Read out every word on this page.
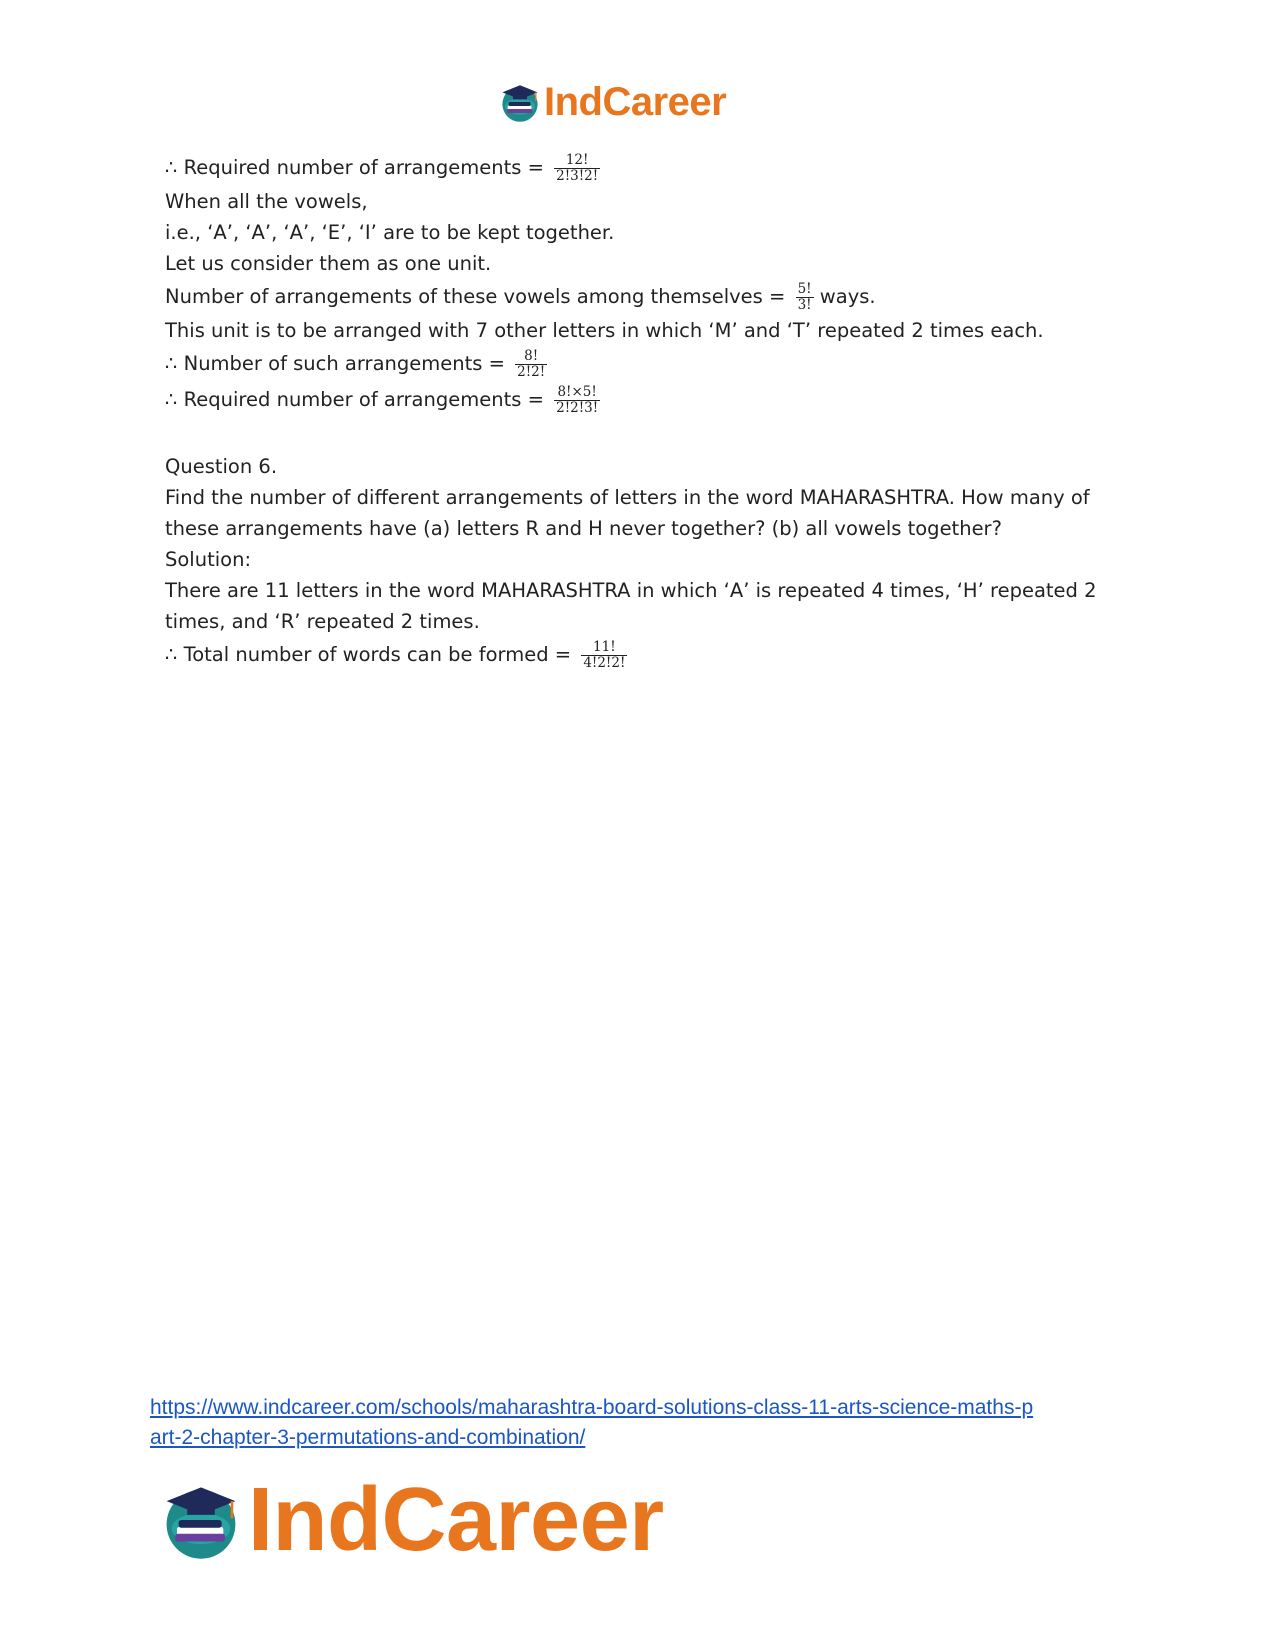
IndCareer
∴ Required number of arrangements = $\frac{12!}{2!3!2!}$
When all the vowels,
i.e., ‘A’, ‘A’, ‘A’, ‘E’, ‘I’ are to be kept together.
Let us consider them as one unit.
Number of arrangements of these vowels among themselves = $\frac{5!}{3!}$ ways.
This unit is to be arranged with 7 other letters in which ‘M’ and ‘T’ repeated 2 times each.
∴ Number of such arrangements = $\frac{8!}{2!2!}$
∴ Required number of arrangements = $\frac{8!\times 5!}{2!2!3!}$
Question 6.
Find the number of different arrangements of letters in the word MAHARASHTRA. How many of
these arrangements have (a) letters R and H never together? (b) all vowels together?
Solution:
There are 11 letters in the word MAHARASHTRA in which ‘A’ is repeated 4 times, ‘H’ repeated 2
times, and ‘R’ repeated 2 times.
∴ Total number of words can be formed = $\frac{11!}{4!2!2!}$
https://www.indcareer.com/schools/maharashtra-board-solutions-class-11-arts-science-maths-p
art-2-chapter-3-permutations-and-combination/
IndCareer
